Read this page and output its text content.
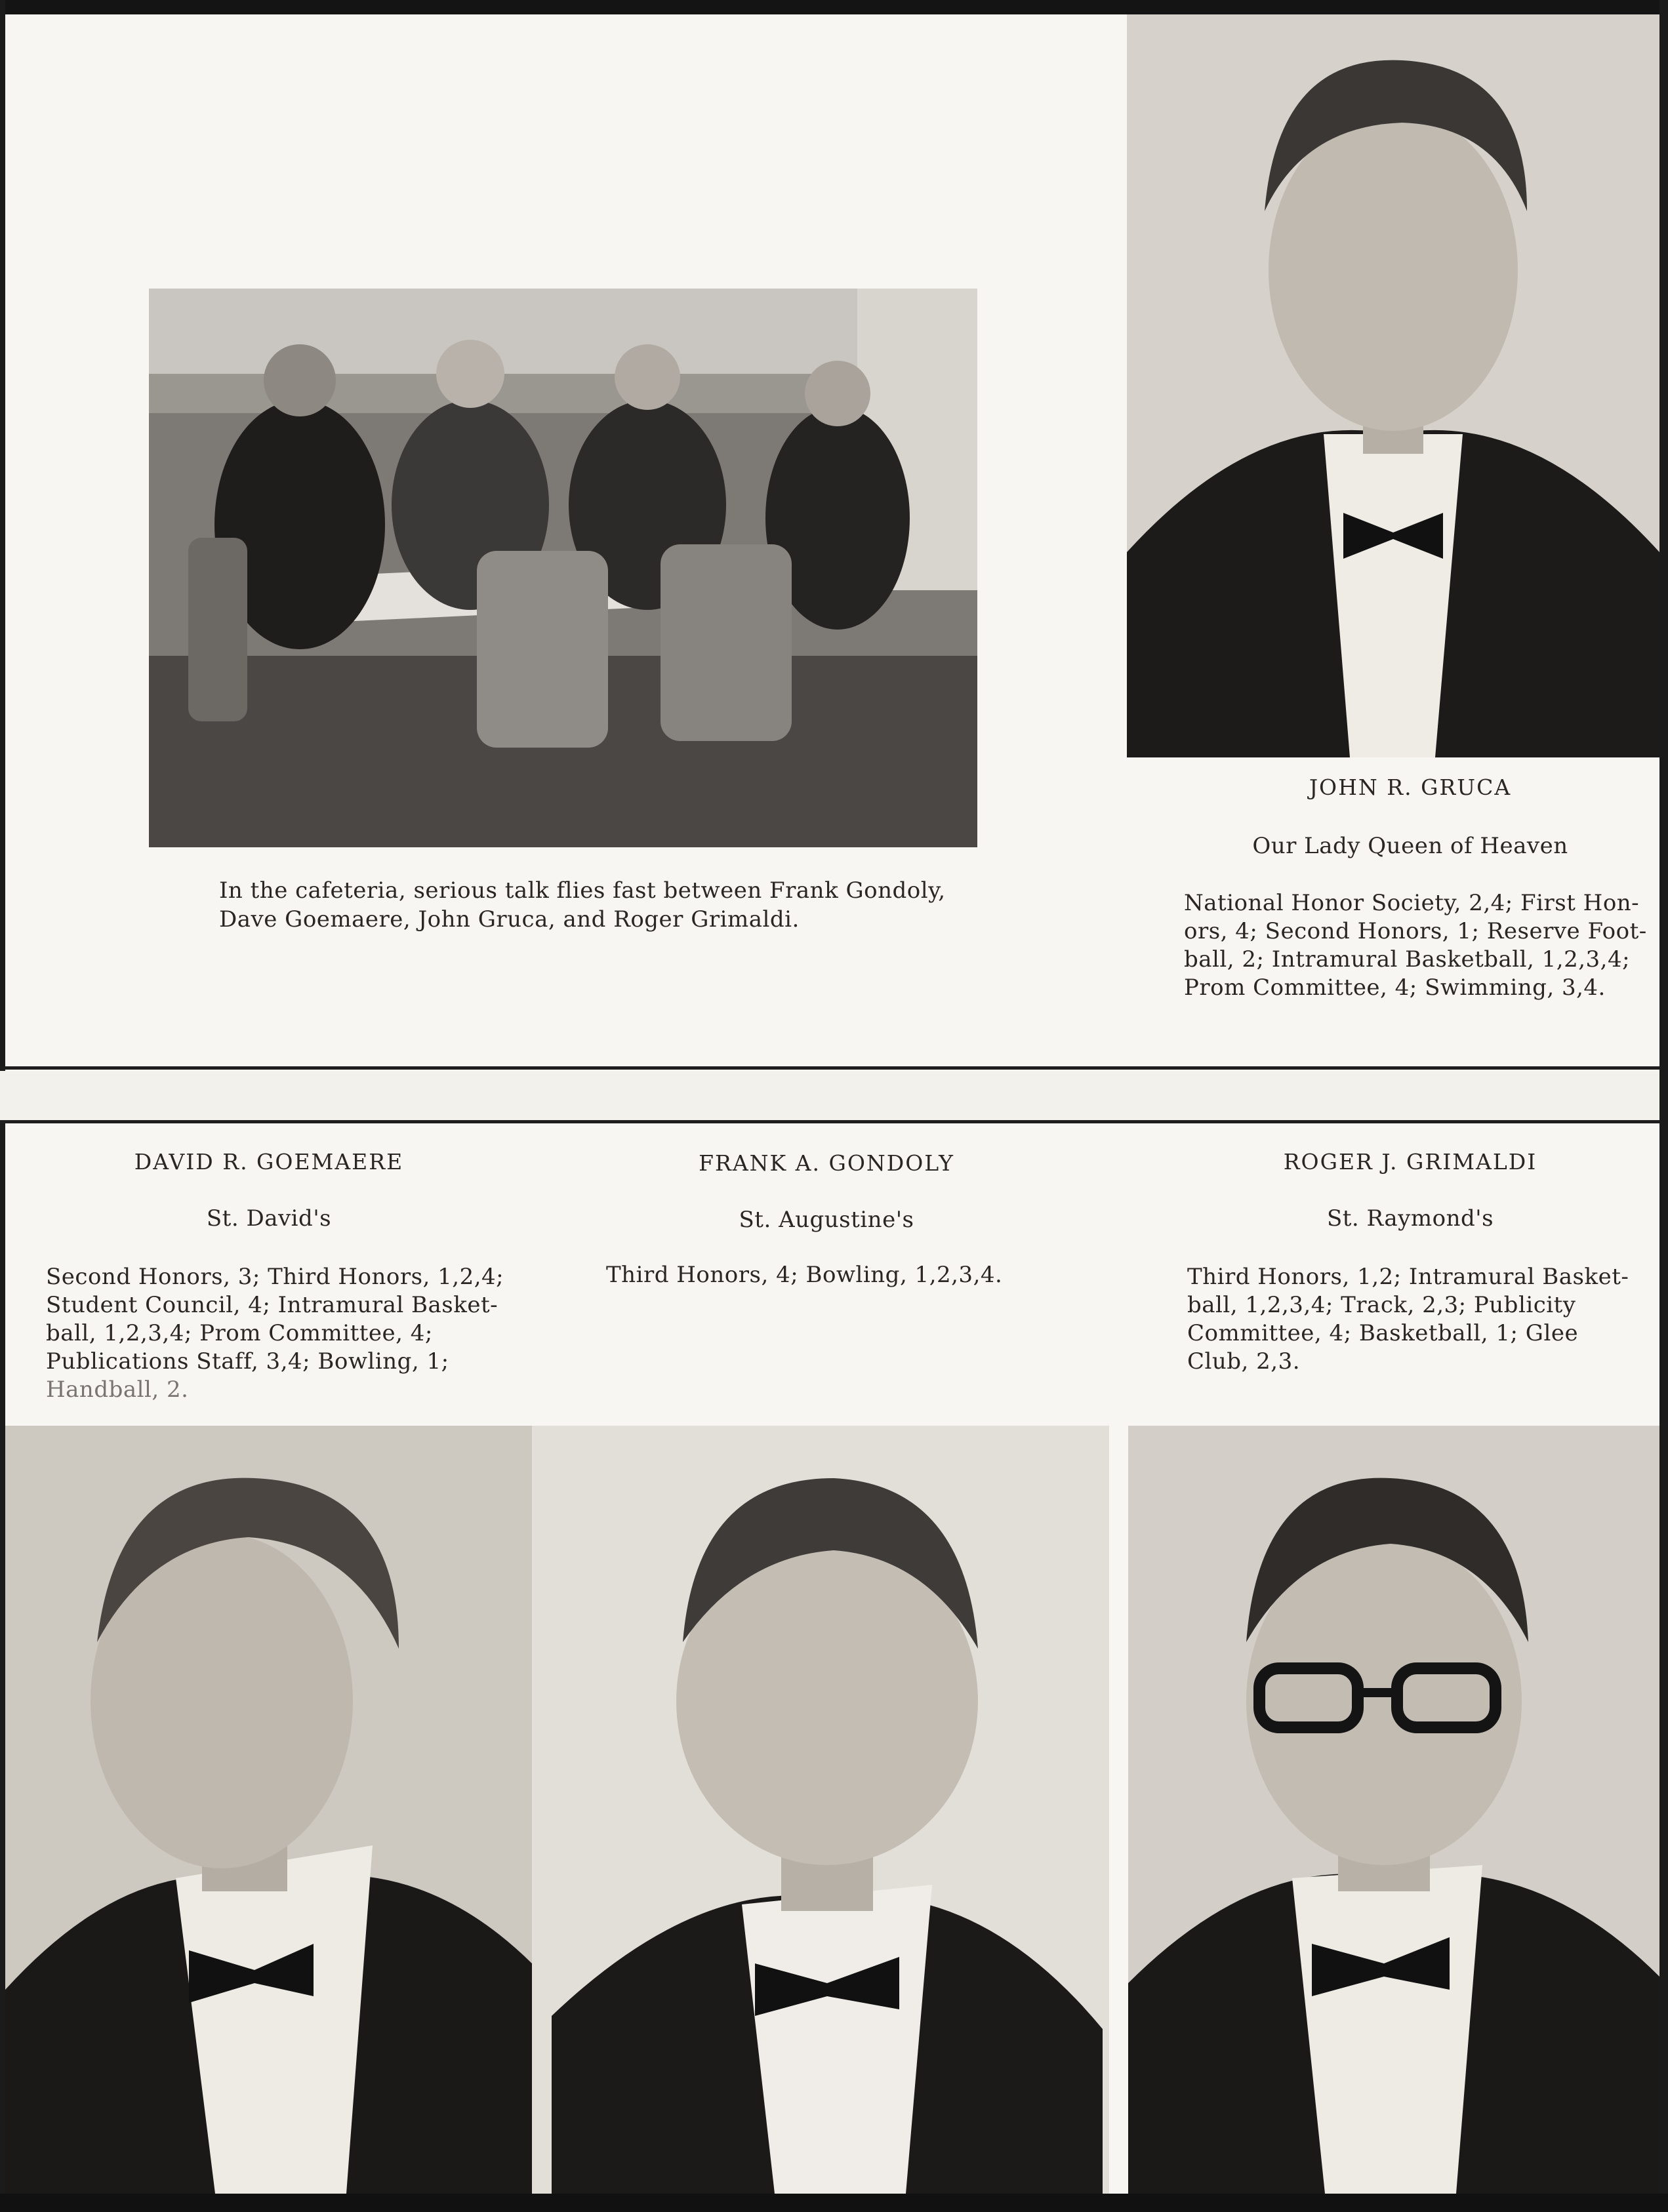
In the cafeteria, serious talk flies fast between Frank Gondoly,
Dave Goemaere, John Gruca, and Roger Grimaldi.
JOHN R. GRUCA
Our Lady Queen of Heaven
National Honor Society, 2,4; First Hon-
ors, 4; Second Honors, 1; Reserve Foot-
ball, 2; Intramural Basketball, 1,2,3,4;
Prom Committee, 4; Swimming, 3,4.
DAVID R. GOEMAERE
St. David's
Second Honors, 3; Third Honors, 1,2,4;
Student Council, 4; Intramural Basket-
ball, 1,2,3,4; Prom Committee, 4;
Publications Staff, 3,4; Bowling, 1;
Handball, 2.
FRANK A. GONDOLY
St. Augustine's
Third Honors, 4; Bowling, 1,2,3,4.
ROGER J. GRIMALDI
St. Raymond's
Third Honors, 1,2; Intramural Basket-
ball, 1,2,3,4; Track, 2,3; Publicity
Committee, 4; Basketball, 1; Glee
Club, 2,3.
